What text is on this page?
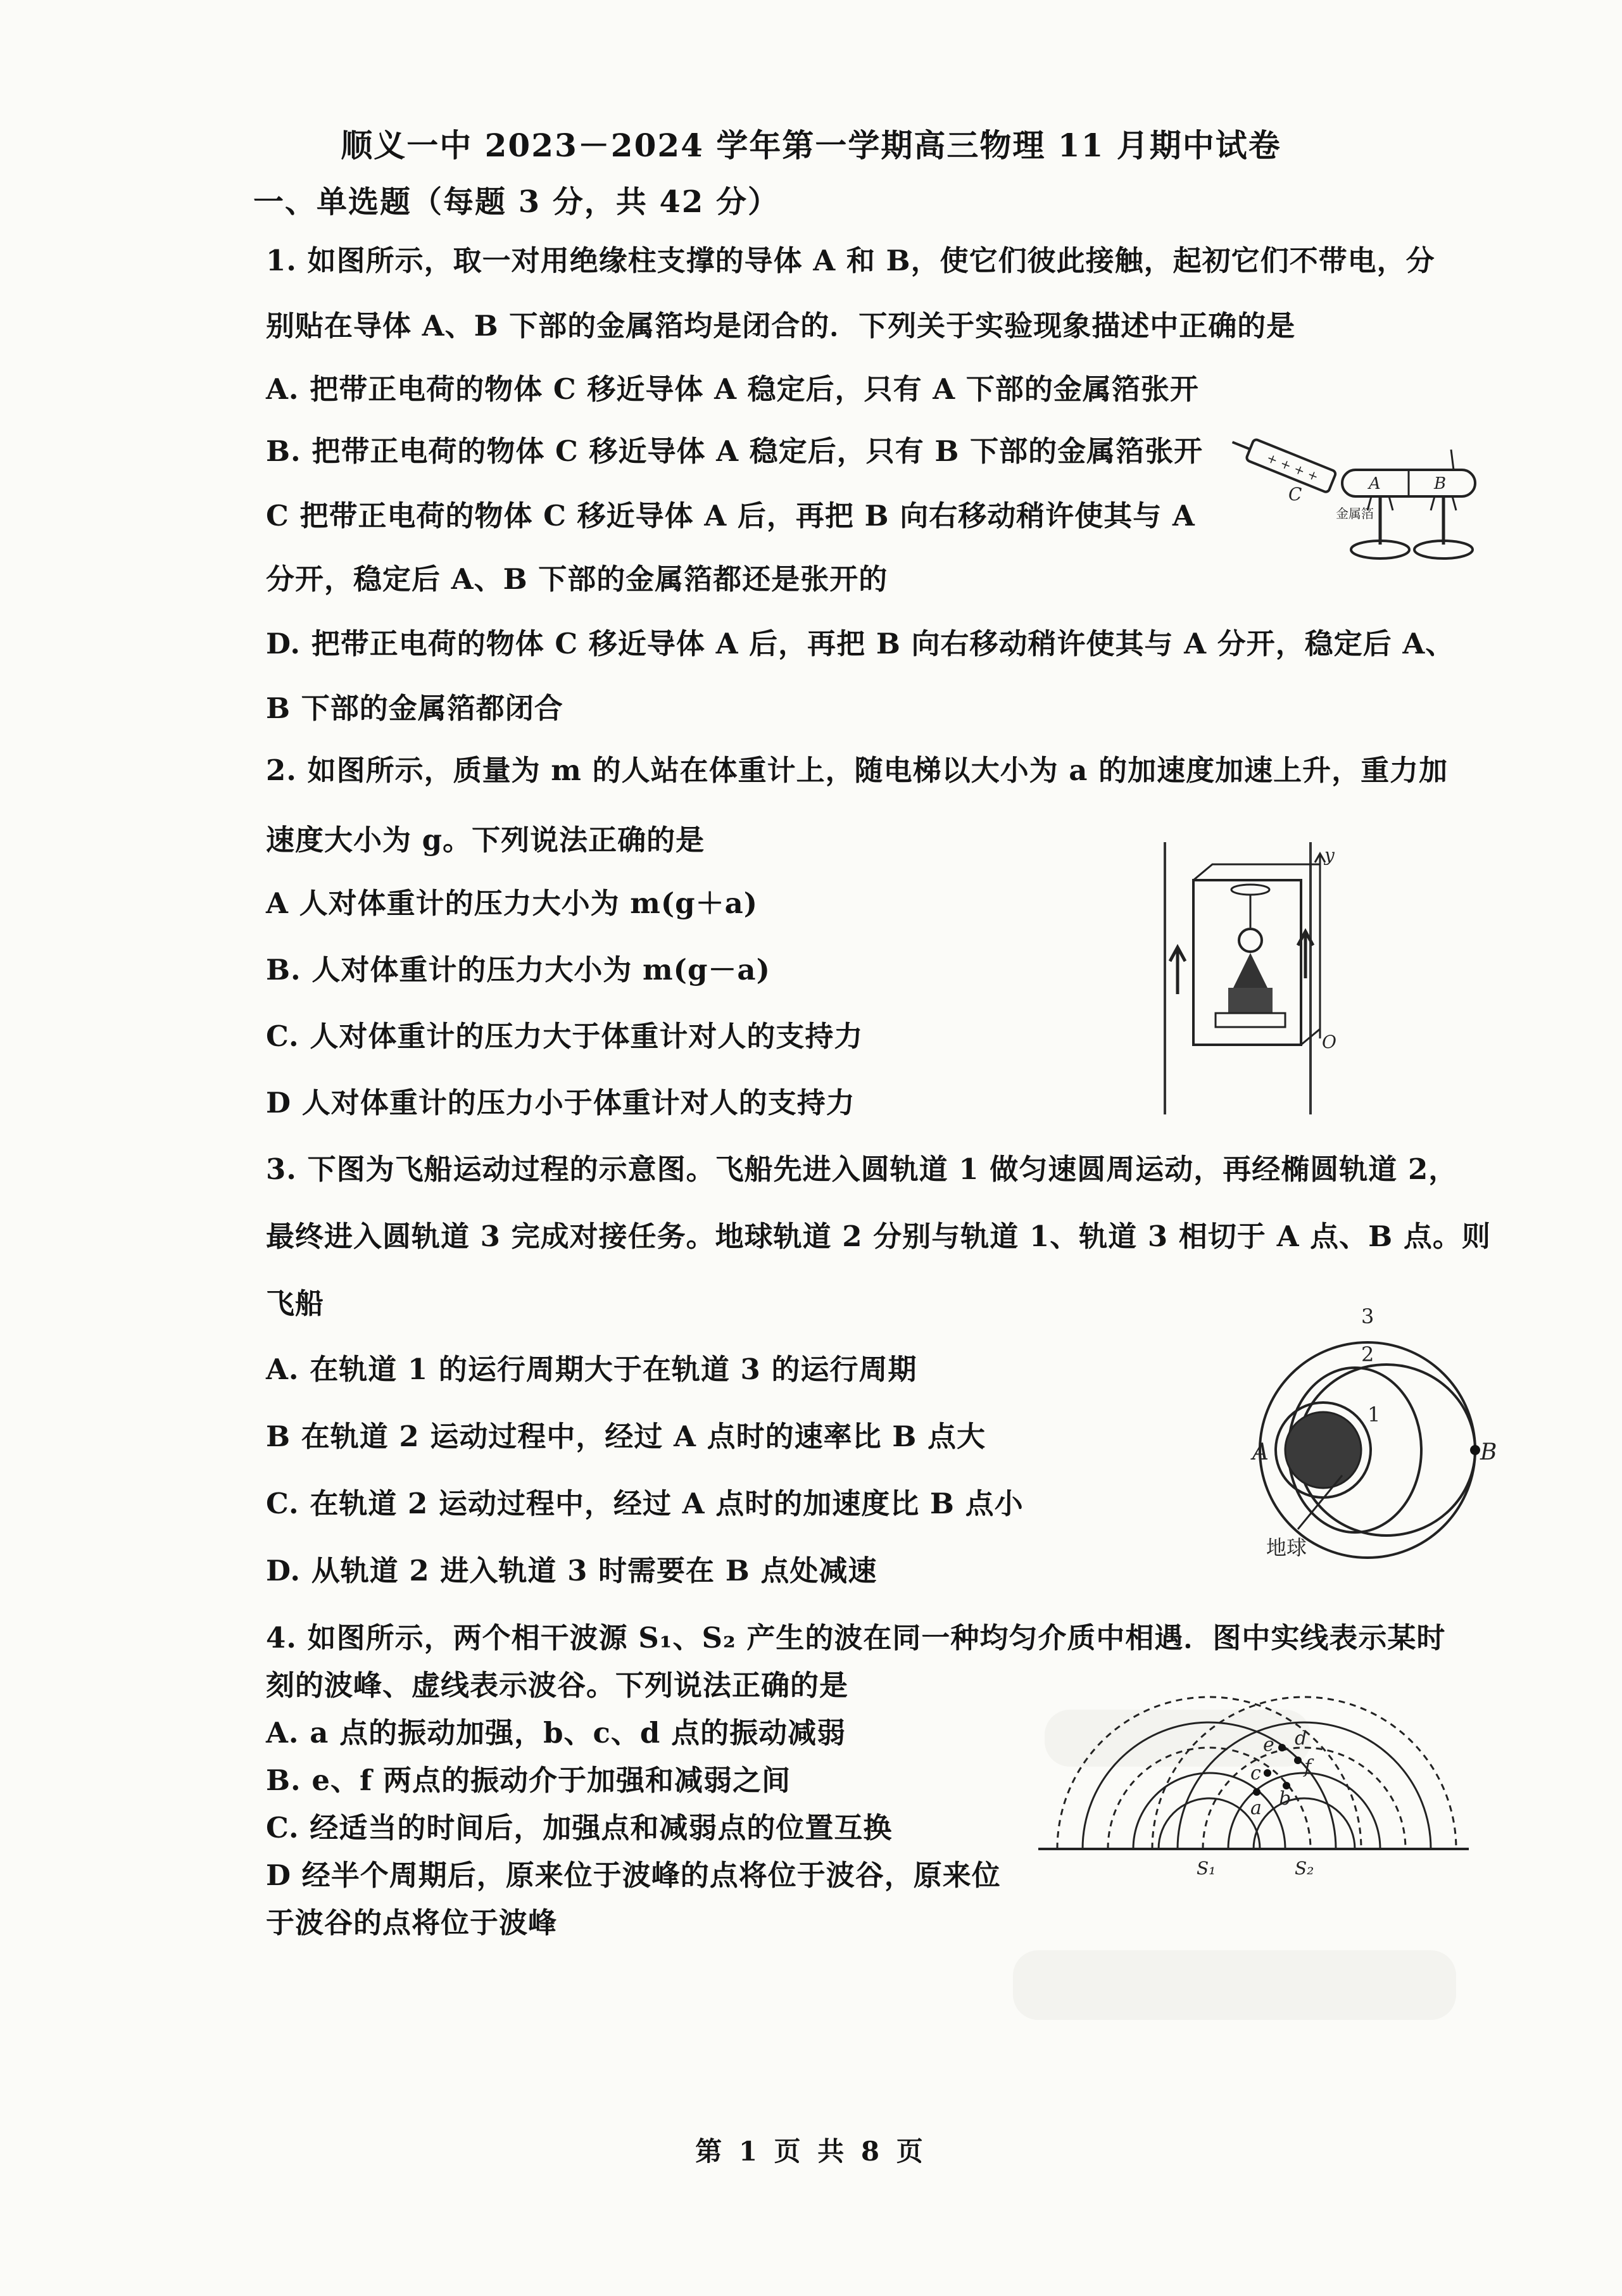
顺义一中 2023－2024 学年第一学期高三物理 11 月期中试卷
一、单选题（每题 3 分，共 42 分）
1. 如图所示，取一对用绝缘柱支撑的导体 A 和 B，使它们彼此接触，起初它们不带电，分
别贴在导体 A、B 下部的金属箔均是闭合的．下列关于实验现象描述中正确的是
A. 把带正电荷的物体 C 移近导体 A 稳定后，只有 A 下部的金属箔张开
B. 把带正电荷的物体 C 移近导体 A 稳定后，只有 B 下部的金属箔张开
C 把带正电荷的物体 C 移近导体 A 后，再把 B 向右移动稍许使其与 A
分开，稳定后 A、B 下部的金属箔都还是张开的
D. 把带正电荷的物体 C 移近导体 A 后，再把 B 向右移动稍许使其与 A 分开，稳定后 A、
B 下部的金属箔都闭合
+ + + +
C	A	B
金属箔
2. 如图所示，质量为 m 的人站在体重计上，随电梯以大小为 a 的加速度加速上升，重力加
速度大小为 g。下列说法正确的是
A 人对体重计的压力大小为 m(g＋a)
B. 人对体重计的压力大小为 m(g－a)
C. 人对体重计的压力大于体重计对人的支持力
D 人对体重计的压力小于体重计对人的支持力
y
O
3. 下图为飞船运动过程的示意图。飞船先进入圆轨道 1 做匀速圆周运动，再经椭圆轨道 2，
最终进入圆轨道 3 完成对接任务。地球轨道 2 分别与轨道 1、轨道 3 相切于 A 点、B 点。则
飞船
A. 在轨道 1 的运行周期大于在轨道 3 的运行周期
B 在轨道 2 运动过程中，经过 A 点时的速率比 B 点大
C. 在轨道 2 运动过程中，经过 A 点时的加速度比 B 点小
D. 从轨道 2 进入轨道 3 时需要在 B 点处减速
3
2
1
A	B
地球
4. 如图所示，两个相干波源 S₁、S₂ 产生的波在同一种均匀介质中相遇．图中实线表示某时
刻的波峰、虚线表示波谷。下列说法正确的是
A. a 点的振动加强，b、c、d 点的振动减弱
B. e、f 两点的振动介于加强和减弱之间
C. 经适当的时间后，加强点和减弱点的位置互换
D 经半个周期后，原来位于波峰的点将位于波谷，原来位
于波谷的点将位于波峰
a b
c
d
e
f
S₁	S₂
第 1 页 共 8 页
